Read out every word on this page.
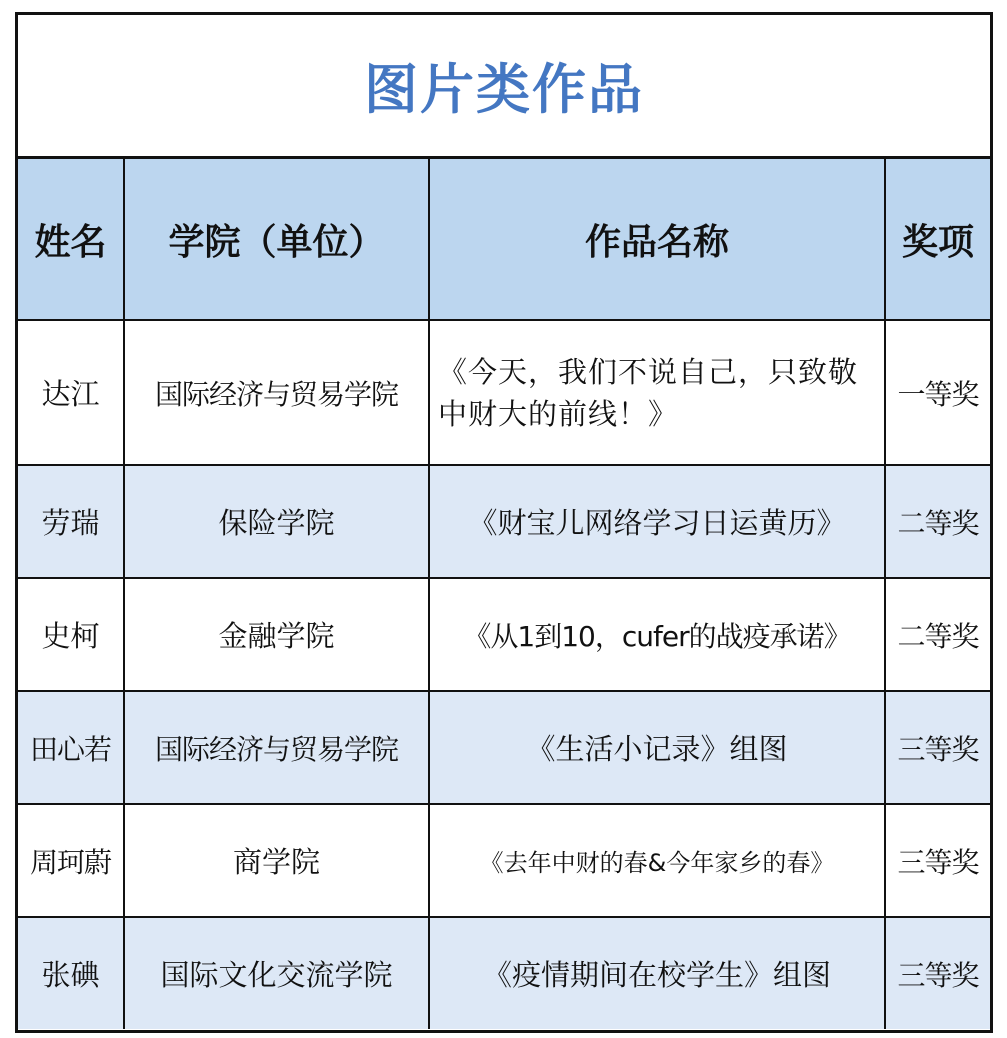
图片类作品
姓名	学院（单位）	作品名称	奖项
达江	国际经济与贸易学院	《今天，我们不说自己，只致敬中财大的前线！》	一等奖
劳瑞	保险学院	《财宝儿网络学习日运黄历》	二等奖
史柯	金融学院	《从1到10，cufer的战疫承诺》	二等奖
田心若	国际经济与贸易学院	《生活小记录》组图	三等奖
周珂蔚	商学院	《去年中财的春&今年家乡的春》	三等奖
张碘	国际文化交流学院	《疫情期间在校学生》组图	三等奖
